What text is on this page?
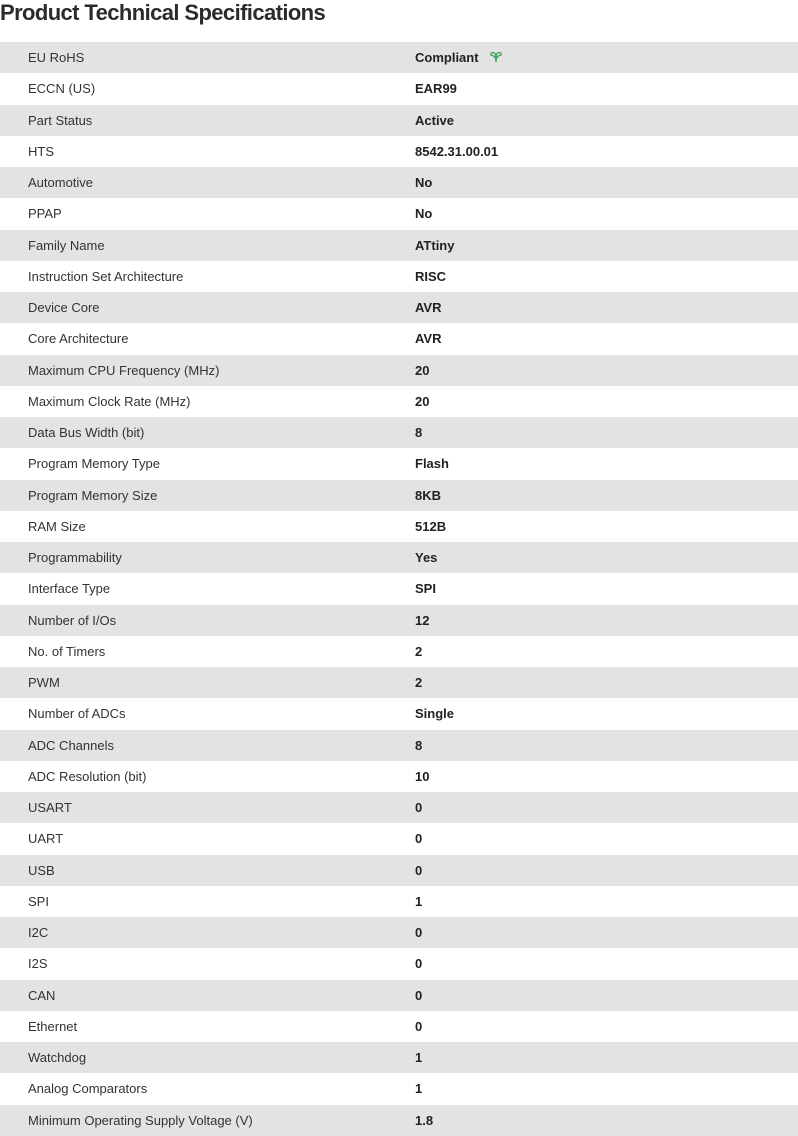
Product Technical Specifications
EU RoHS	Compliant
ECCN (US)	EAR99
Part Status	Active
HTS	8542.31.00.01
Automotive	No
PPAP	No
Family Name	ATtiny
Instruction Set Architecture	RISC
Device Core	AVR
Core Architecture	AVR
Maximum CPU Frequency (MHz)	20
Maximum Clock Rate (MHz)	20
Data Bus Width (bit)	8
Program Memory Type	Flash
Program Memory Size	8KB
RAM Size	512B
Programmability	Yes
Interface Type	SPI
Number of I/Os	12
No. of Timers	2
PWM	2
Number of ADCs	Single
ADC Channels	8
ADC Resolution (bit)	10
USART	0
UART	0
USB	0
SPI	1
I2C	0
I2S	0
CAN	0
Ethernet	0
Watchdog	1
Analog Comparators	1
Minimum Operating Supply Voltage (V)	1.8
